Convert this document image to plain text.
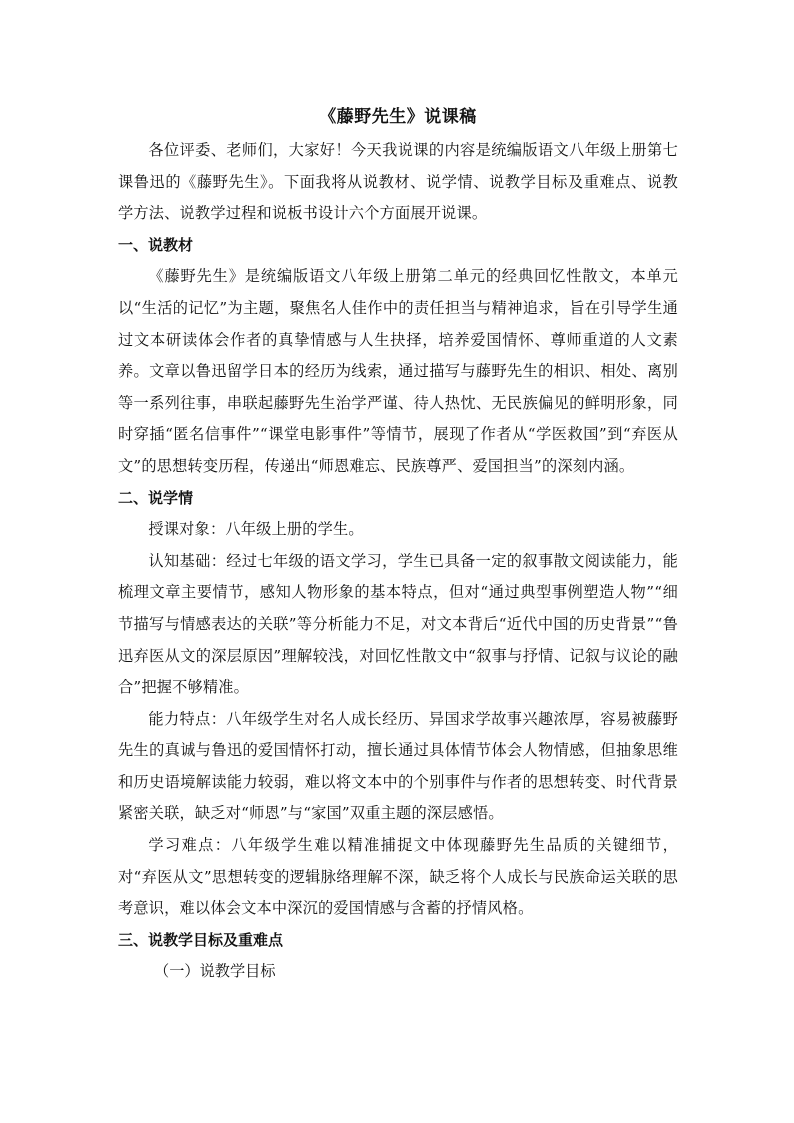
《藤野先生》说课稿

各位评委、老师们，大家好！今天我说课的内容是统编版语文八年级上册第七课鲁迅的《藤野先生》。下面我将从说教材、说学情、说教学目标及重难点、说教学方法、说教学过程和说板书设计六个方面展开说课。

一、说教材

《藤野先生》是统编版语文八年级上册第二单元的经典回忆性散文，本单元以“生活的记忆”为主题，聚焦名人佳作中的责任担当与精神追求，旨在引导学生通过文本研读体会作者的真挚情感与人生抉择，培养爱国情怀、尊师重道的人文素养。文章以鲁迅留学日本的经历为线索，通过描写与藤野先生的相识、相处、离别等一系列往事，串联起藤野先生治学严谨、待人热忱、无民族偏见的鲜明形象，同时穿插“匿名信事件”“课堂电影事件”等情节，展现了作者从“学医救国”到“弃医从文”的思想转变历程，传递出“师恩难忘、民族尊严、爱国担当”的深刻内涵。

二、说学情

授课对象：八年级上册的学生。

认知基础：经过七年级的语文学习，学生已具备一定的叙事散文阅读能力，能梳理文章主要情节，感知人物形象的基本特点，但对“通过典型事例塑造人物”“细节描写与情感表达的关联”等分析能力不足，对文本背后“近代中国的历史背景”“鲁迅弃医从文的深层原因”理解较浅，对回忆性散文中“叙事与抒情、记叙与议论的融合”把握不够精准。

能力特点：八年级学生对名人成长经历、异国求学故事兴趣浓厚，容易被藤野先生的真诚与鲁迅的爱国情怀打动，擅长通过具体情节体会人物情感，但抽象思维和历史语境解读能力较弱，难以将文本中的个别事件与作者的思想转变、时代背景紧密关联，缺乏对“师恩”与“家国”双重主题的深层感悟。

学习难点：八年级学生难以精准捕捉文中体现藤野先生品质的关键细节，对“弃医从文”思想转变的逻辑脉络理解不深，缺乏将个人成长与民族命运关联的思考意识，难以体会文本中深沉的爱国情感与含蓄的抒情风格。

三、说教学目标及重难点

（一）说教学目标
